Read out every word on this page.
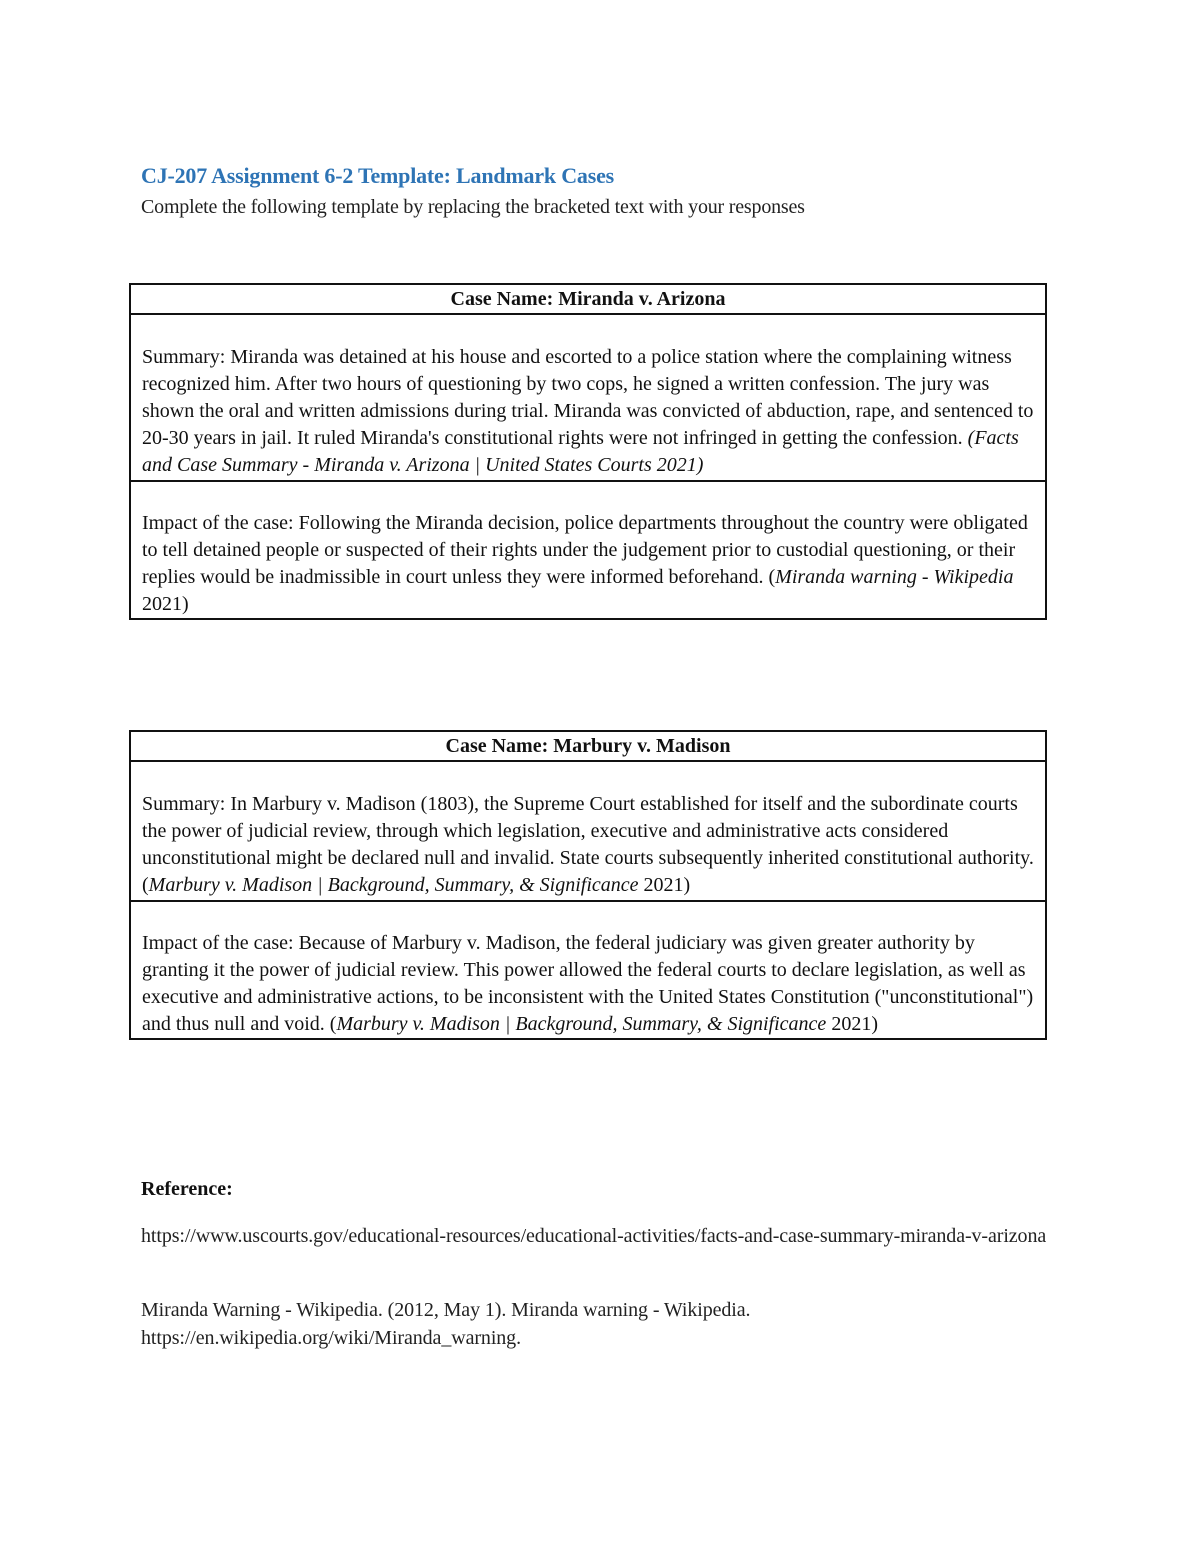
CJ-207 Assignment 6-2 Template: Landmark Cases
Complete the following template by replacing the bracketed text with your responses
Case Name: Miranda v. Arizona

Summary: Miranda was detained at his house and escorted to a police station where the complaining witness recognized him. After two hours of questioning by two cops, he signed a written confession. The jury was shown the oral and written admissions during trial. Miranda was convicted of abduction, rape, and sentenced to 20-30 years in jail. It ruled Miranda's constitutional rights were not infringed in getting the confession. (Facts and Case Summary - Miranda v. Arizona | United States Courts 2021)

Impact of the case: Following the Miranda decision, police departments throughout the country were obligated to tell detained people or suspected of their rights under the judgement prior to custodial questioning, or their replies would be inadmissible in court unless they were informed beforehand. (Miranda warning - Wikipedia 2021)

Case Name: Marbury v. Madison

Summary: In Marbury v. Madison (1803), the Supreme Court established for itself and the subordinate courts the power of judicial review, through which legislation, executive and administrative acts considered unconstitutional might be declared null and invalid. State courts subsequently inherited constitutional authority. (Marbury v. Madison | Background, Summary, & Significance 2021)

Impact of the case: Because of Marbury v. Madison, the federal judiciary was given greater authority by granting it the power of judicial review. This power allowed the federal courts to declare legislation, as well as executive and administrative actions, to be inconsistent with the United States Constitution ("unconstitutional") and thus null and void. (Marbury v. Madison | Background, Summary, & Significance 2021)

Reference:
https://www.uscourts.gov/educational-resources/educational-activities/facts-and-case-summary-miranda-v-arizona
Miranda Warning - Wikipedia. (2012, May 1). Miranda warning - Wikipedia. https://en.wikipedia.org/wiki/Miranda_warning.
